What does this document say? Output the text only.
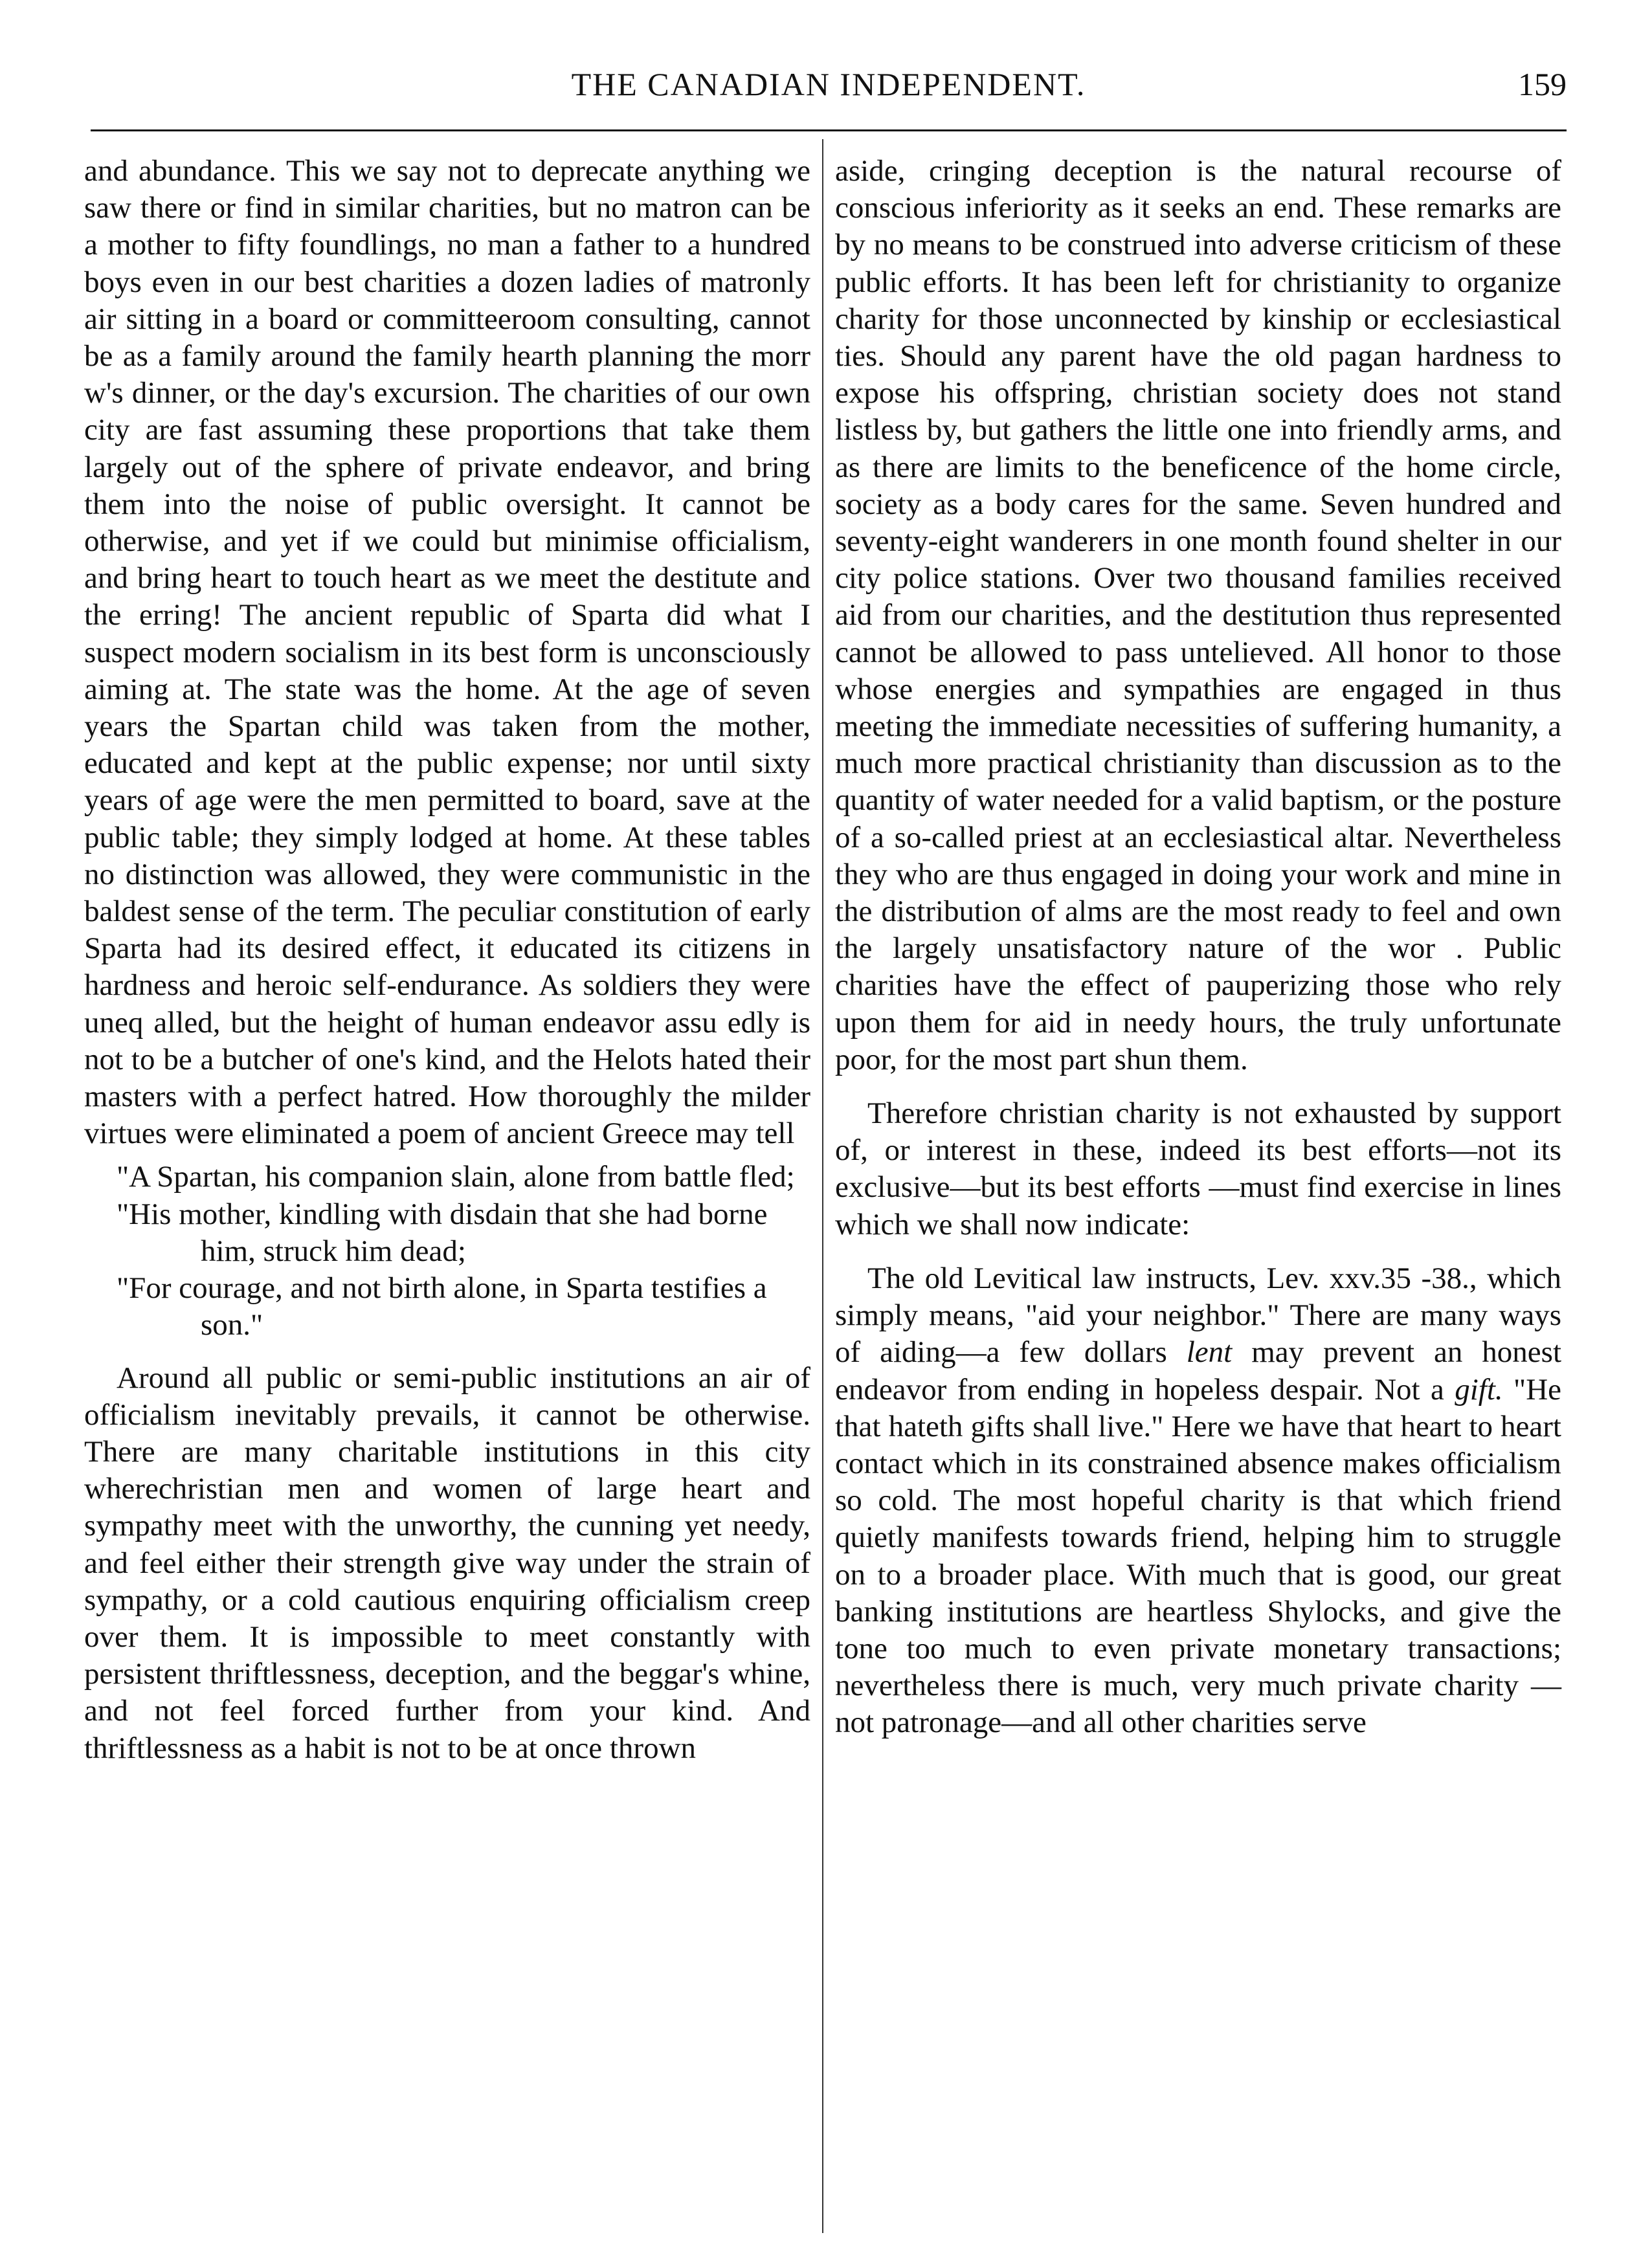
THE CANADIAN INDEPENDENT.	159

and abundance. This we say not to deprecate anything we saw there or find in similar charities, but no matron can be a mother to fifty foundlings, no man a father to a hundred boys even in our best charities a dozen ladies of matronly air sitting in a board or committeeroom consulting, cannot be as a family around the family hearth planning the morr w's dinner, or the day's excursion. The charities of our own city are fast assuming these proportions that take them largely out of the sphere of private endeavor, and bring them into the noise of public oversight. It cannot be otherwise, and yet if we could but minimise officialism, and bring heart to touch heart as we meet the destitute and the erring! The ancient republic of Sparta did what I suspect modern socialism in its best form is unconsciously aiming at. The state was the home. At the age of seven years the Spartan child was taken from the mother, educated and kept at the public expense; nor until sixty years of age were the men permitted to board, save at the public table; they simply lodged at home. At these tables no distinction was allowed, they were communistic in the baldest sense of the term. The peculiar constitution of early Sparta had its desired effect, it educated its citizens in hardness and heroic self-endurance. As soldiers they were uneq alled, but the height of human endeavor assu edly is not to be a butcher of one's kind, and the Helots hated their masters with a perfect hatred. How thoroughly the milder virtues were eliminated a poem of ancient Greece may tell

"A Spartan, his companion slain, alone from battle fled;
"His mother, kindling with disdain that she had borne him, struck him dead;
"For courage, and not birth alone, in Sparta testifies a son."

Around all public or semi-public institutions an air of officialism inevitably prevails, it cannot be otherwise. There are many charitable institutions in this city wherechristian men and women of large heart and sympathy meet with the unworthy, the cunning yet needy, and feel either their strength give way under the strain of sympathy, or a cold cautious enquiring officialism creep over them. It is impossible to meet constantly with persistent thriftlessness, deception, and the beggar's whine, and not feel forced further from your kind. And thriftlessness as a habit is not to be at once thrown

aside, cringing deception is the natural recourse of conscious inferiority as it seeks an end. These remarks are by no means to be construed into adverse criticism of these public efforts. It has been left for christianity to organize charity for those unconnected by kinship or ecclesiastical ties. Should any parent have the old pagan hardness to expose his offspring, christian society does not stand listless by, but gathers the little one into friendly arms, and as there are limits to the beneficence of the home circle, society as a body cares for the same. Seven hundred and seventy-eight wanderers in one month found shelter in our city police stations. Over two thousand families received aid from our charities, and the destitution thus represented cannot be allowed to pass untelieved. All honor to those whose energies and sympathies are engaged in thus meeting the immediate necessities of suffering humanity, a much more practical christianity than discussion as to the quantity of water needed for a valid baptism, or the posture of a so-called priest at an ecclesiastical altar. Nevertheless they who are thus engaged in doing your work and mine in the distribution of alms are the most ready to feel and own the largely unsatisfactory nature of the wor . Public charities have the effect of pauperizing those who rely upon them for aid in needy hours, the truly unfortunate poor, for the most part shun them.

Therefore christian charity is not exhausted by support of, or interest in these, indeed its best efforts—not its exclusive—but its best efforts —must find exercise in lines which we shall now indicate:

The old Levitical law instructs, Lev. xxv.35 -38., which simply means, "aid your neighbor." There are many ways of aiding—a few dollars lent may prevent an honest endeavor from ending in hopeless despair. Not a gift. "He that hateth gifts shall live." Here we have that heart to heart contact which in its constrained absence makes officialism so cold. The most hopeful charity is that which friend quietly manifests towards friend, helping him to struggle on to a broader place. With much that is good, our great banking institutions are heartless Shylocks, and give the tone too much to even private monetary transactions; nevertheless there is much, very much private charity —not patronage—and all other charities serve
